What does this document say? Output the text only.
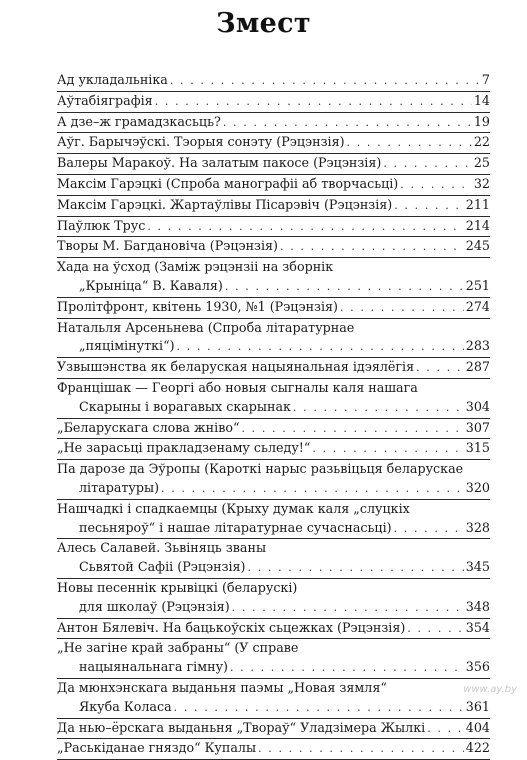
Змест
Ад укладальніка . . .	7
Аўтабіяграфія . . .	14
А дзе–ж грамадзкасьць? . . .	19
Аўг. Барычэўскі. Тэорыя сонэту (Рэцэнзія) . . .	22
Валеры Маракоў. На залатым пакосе (Рэцэнзія) . . .	25
Максім Гарэцкі (Спроба манографіі аб творчасьці) . . .	32
Максім Гарэцкі. Жартаўлівы Пісарэвіч (Рэцэнзія) . . .	211
Паўлюк Трус . . .	214
Творы М. Багдановіча (Рэцэнзія) . . .	245
Хада на ўсход (Заміж рэцэнзіі на зборнік
„Крыніца“ В. Каваля) . . .	251
Пролітфронт, квітень 1930, №1 (Рэцэнзія) . . .	274
Натальля Арсеньнева (Спроба літаратурнае
„пяцімінуткі“) . . .	283
Узвышэнства як беларуская нацыянальная ідэялёгія . . .	287
Францішак — Георгі або новыя сыгналы каля нашага
Скарыны і ворагавых скарынак . . .	304
„Беларускага слова жніво“ . . .	307
„Не зарасьці пракладзенаму сьледу!“ . . .	315
Па дарозе да Эўропы (Кароткі нарыс разьвіцьця беларускае
літаратуры) . . .	320
Нашчадкі і спадкаемцы (Крыху думак каля „слуцкіх
песьняроў“ і нашае літаратурнае сучаснасьці) . . .	328
Алесь Салавей. Зьвіняць званы
Сьвятой Сафіі (Рэцэнзія) . . .	345
Новы песеннік крывіцкі (беларускі)
для школаў (Рэцэнзія) . . .	348
Антон Бялевіч. На бацькоўскіх сьцежках (Рэцэнзія) . . .	354
„Не загіне край забраны“ (У справе
нацыянальнага гімну) . . .	356
Да мюнхэнскага выданьня паэмы „Новая зямля“
Якуба Коласа . . .	361
Да нью–ёрскага выданьня „Твораў“ Уладзімера Жылкі . . .	404
„Раськіданае гняздо“ Купалы . . .	422
www.ay.by
